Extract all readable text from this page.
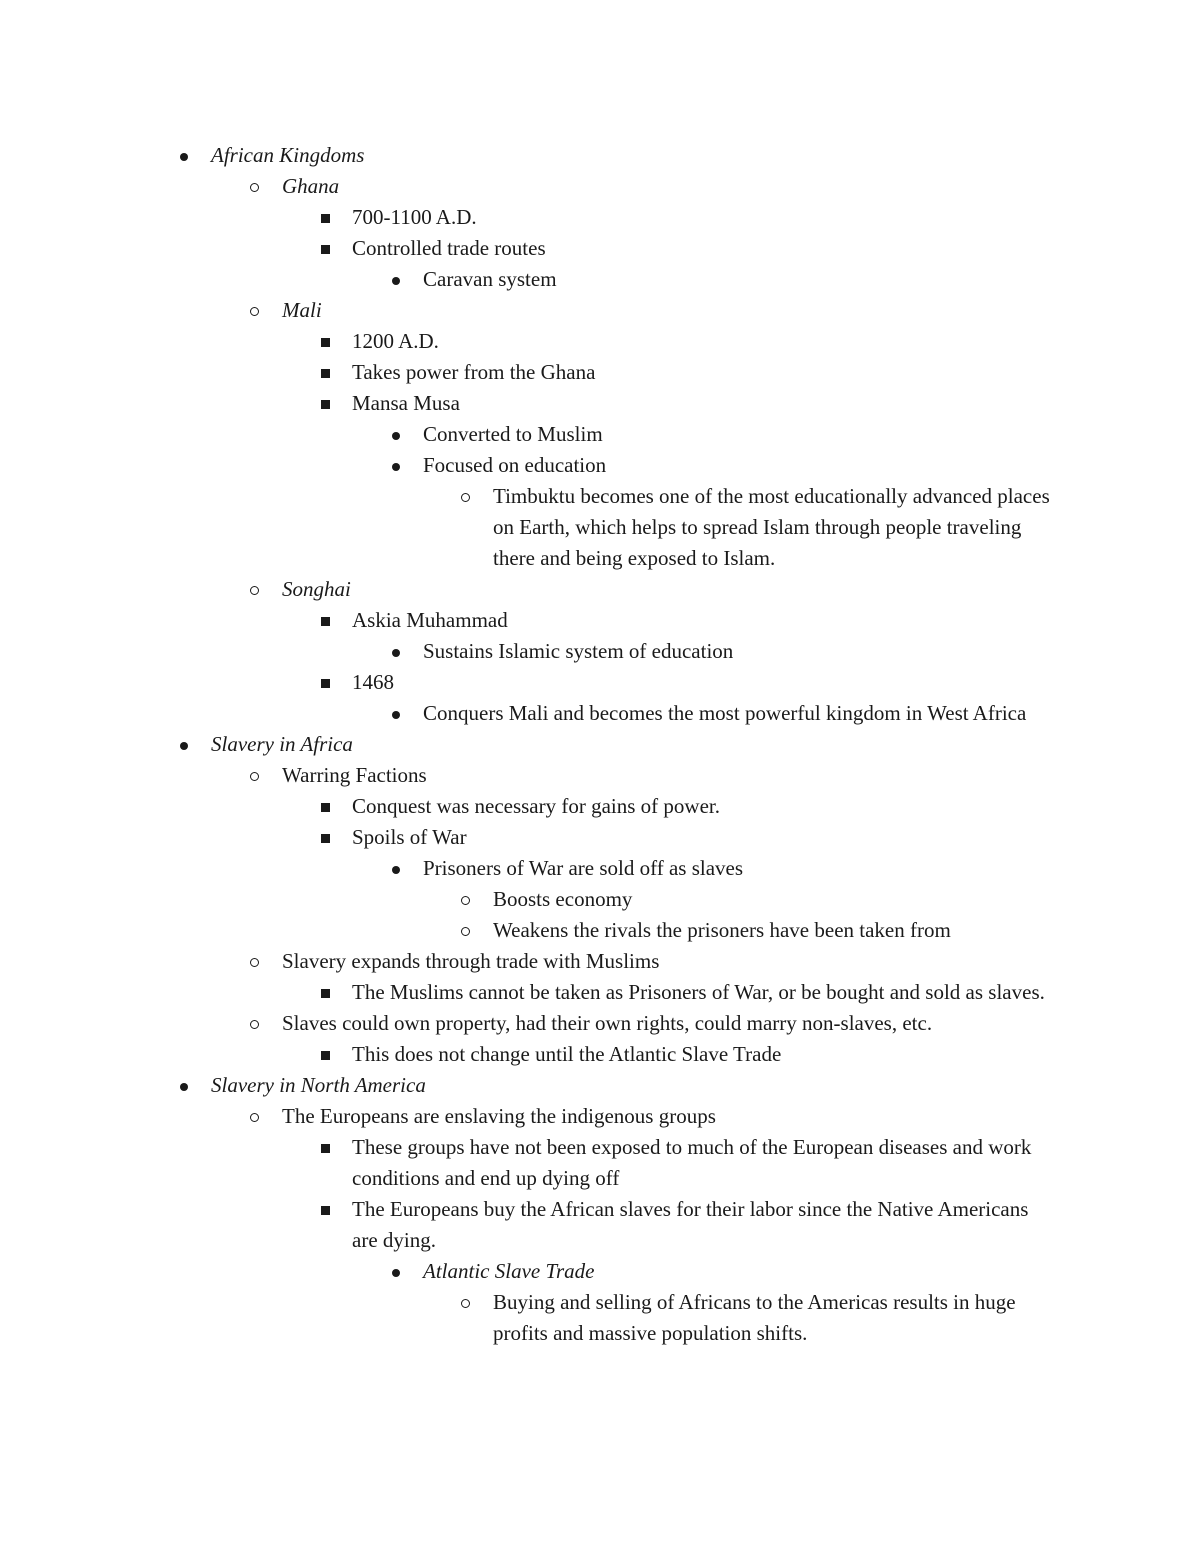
African Kingdoms
Ghana
700-1100 A.D.
Controlled trade routes
Caravan system
Mali
1200 A.D.
Takes power from the Ghana
Mansa Musa
Converted to Muslim
Focused on education
Timbuktu becomes one of the most educationally advanced places on Earth, which helps to spread Islam through people traveling there and being exposed to Islam.
Songhai
Askia Muhammad
Sustains Islamic system of education
1468
Conquers Mali and becomes the most powerful kingdom in West Africa
Slavery in Africa
Warring Factions
Conquest was necessary for gains of power.
Spoils of War
Prisoners of War are sold off as slaves
Boosts economy
Weakens the rivals the prisoners have been taken from
Slavery expands through trade with Muslims
The Muslims cannot be taken as Prisoners of War, or be bought and sold as slaves.
Slaves could own property, had their own rights, could marry non-slaves, etc.
This does not change until the Atlantic Slave Trade
Slavery in North America
The Europeans are enslaving the indigenous groups
These groups have not been exposed to much of the European diseases and work conditions and end up dying off
The Europeans buy the African slaves for their labor since the Native Americans are dying.
Atlantic Slave Trade
Buying and selling of Africans to the Americas results in huge profits and massive population shifts.
